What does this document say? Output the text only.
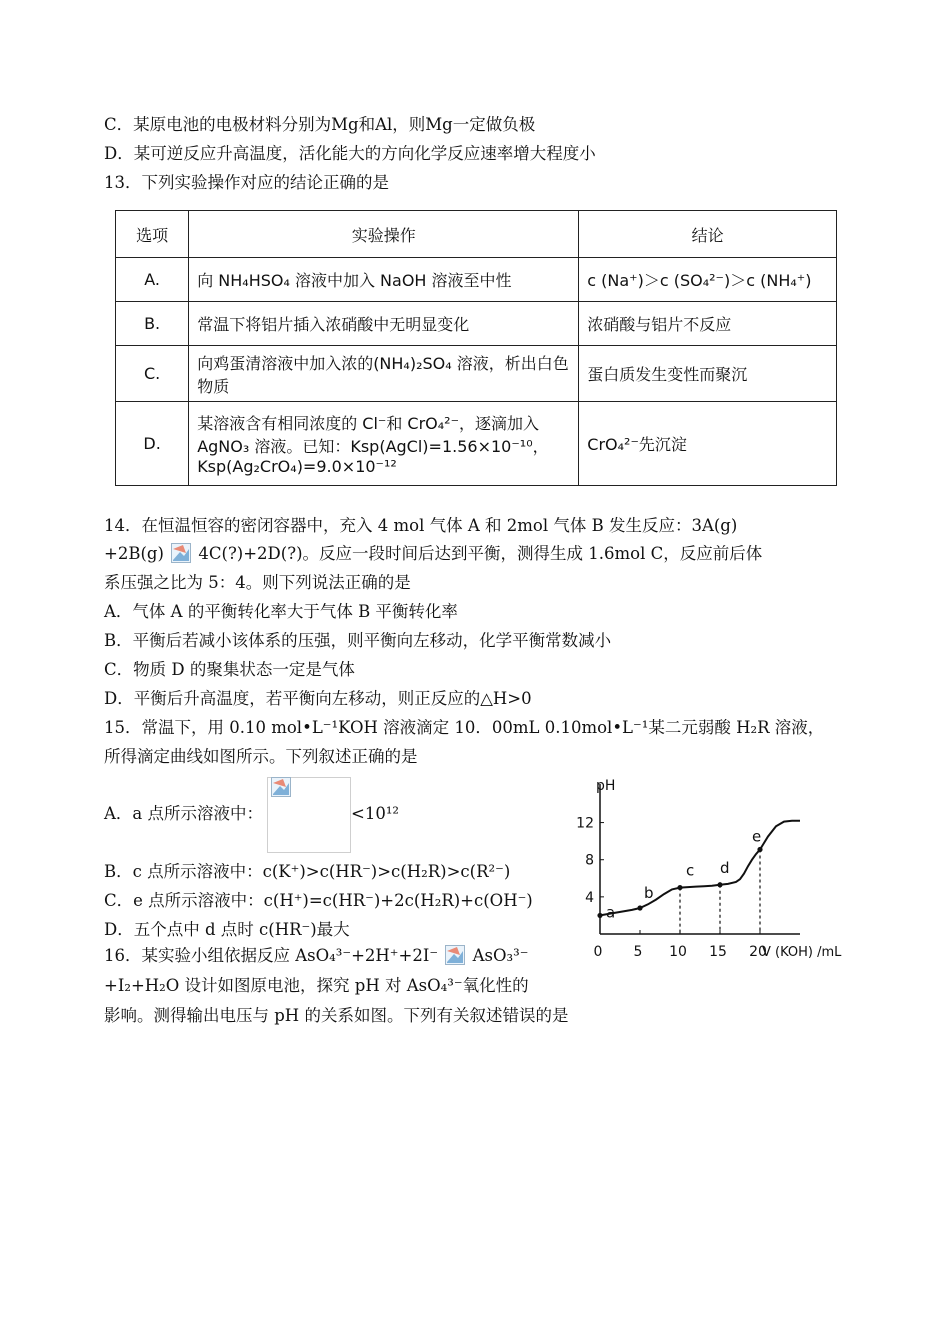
C．某原电池的电极材料分别为Mg和Al，则Mg一定做负极
D．某可逆反应升高温度，活化能大的方向化学反应速率增大程度小
13．下列实验操作对应的结论正确的是
选项	实验操作	结论
A.	向 NH₄HSO₄ 溶液中加入 NaOH 溶液至中性	c (Na⁺)＞c (SO₄²⁻)＞c (NH₄⁺)
B.	常温下将铝片插入浓硝酸中无明显变化	浓硝酸与铝片不反应
C.	向鸡蛋清溶液中加入浓的(NH₄)₂SO₄ 溶液，析出白色物质	蛋白质发生变性而聚沉
D.	某溶液含有相同浓度的 Cl⁻和 CrO₄²⁻，逐滴加入 AgNO₃ 溶液。已知：Ksp(AgCl)=1.56×10⁻¹⁰，Ksp(Ag₂CrO₄)=9.0×10⁻¹²	CrO₄²⁻先沉淀
14．在恒温恒容的密闭容器中，充入 4 mol 气体 A 和 2mol 气体 B 发生反应：3A(g)
+2B(g) 4C(?)+2D(?)。反应一段时间后达到平衡，测得生成 1.6mol C，反应前后体
系压强之比为 5：4。则下列说法正确的是
A．气体 A 的平衡转化率大于气体 B 平衡转化率
B．平衡后若减小该体系的压强，则平衡向左移动，化学平衡常数减小
C．物质 D 的聚集状态一定是气体
D．平衡后升高温度，若平衡向左移动，则正反应的△H>0
15．常温下，用 0.10 mol•L⁻¹KOH 溶液滴定 10．00mL 0.10mol•L⁻¹某二元弱酸 H₂R 溶液，
所得滴定曲线如图所示。下列叙述正确的是
A．a 点所示溶液中：	<10¹²
B．c 点所示溶液中：c(K⁺)>c(HR⁻)>c(H₂R)>c(R²⁻)
C．e 点所示溶液中：c(H⁺)=c(HR⁻)+2c(H₂R)+c(OH⁻)
D．五个点中 d 点时 c(HR⁻)最大
16．某实验小组依据反应 AsO₄³⁻+2H⁺+2I⁻ AsO₃³⁻
+I₂+H₂O 设计如图原电池，探究 pH 对 AsO₄³⁻氧化性的
影响。测得输出电压与 pH 的关系如图。下列有关叙述错误的是
0 5 10 15 20
4
8
12
pH
V (KOH) /mL
a
b
c d
e
